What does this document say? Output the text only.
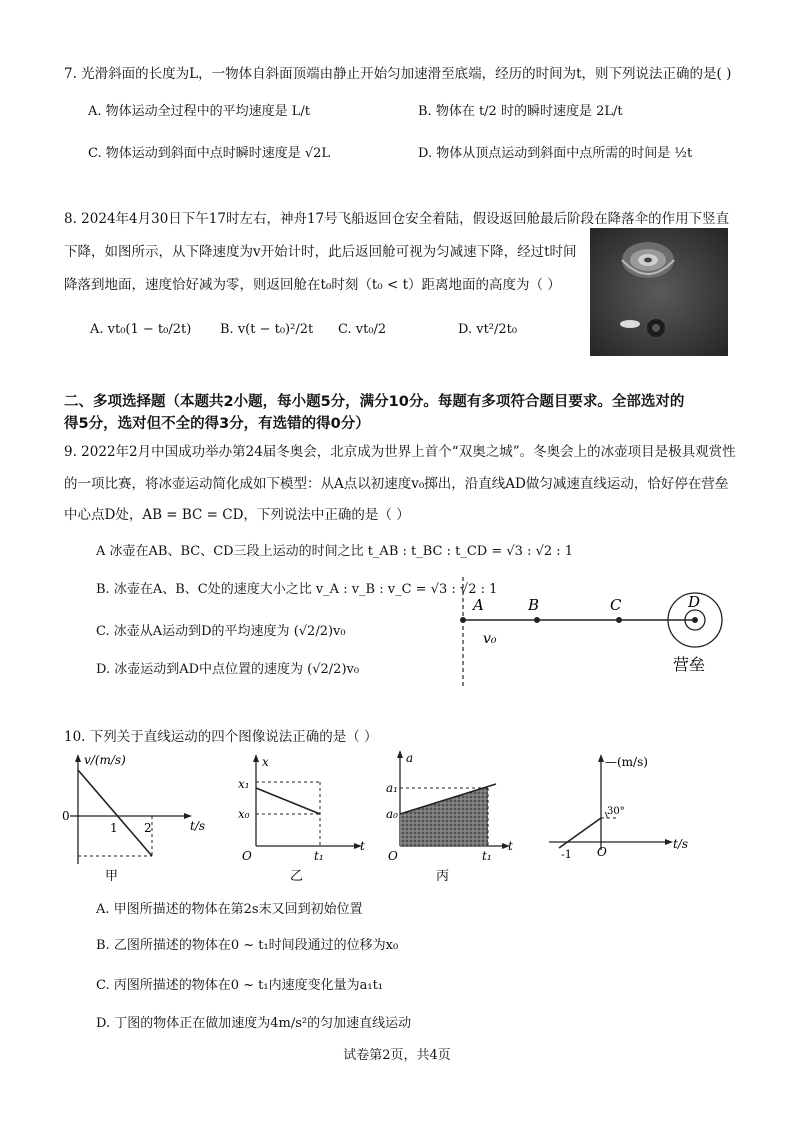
7. 光滑斜面的长度为L，一物体自斜面顶端由静止开始匀加速滑至底端，经历的时间为t，则下列说法正确的是( )
A. 物体运动全过程中的平均速度是 L/t	B. 物体在 t/2 时的瞬时速度是 2L/t
C. 物体运动到斜面中点时瞬时速度是 √2L	D. 物体从顶点运动到斜面中点所需的时间是 ½t
8. 2024年4月30日下午17时左右，神舟17号飞船返回仓安全着陆，假设返回舱最后阶段在降落伞的作用下竖直
下降，如图所示，从下降速度为v开始计时，此后返回舱可视为匀减速下降，经过t时间
降落到地面，速度恰好减为零，则返回舱在t₀时刻（t₀ < t）距离地面的高度为（ ）
A. vt₀(1 − t₀/2t) B. v(t − t₀)²/2t C. vt₀/2	D. vt²/2t₀
二、多项选择题（本题共2小题，每小题5分，满分10分。每题有多项符合题目要求。全部选对的
得5分，选对但不全的得3分，有选错的得0分）
9. 2022年2月中国成功举办第24届冬奥会，北京成为世界上首个“双奥之城”。冬奥会上的冰壶项目是极具观赏性
的一项比赛，将冰壶运动简化成如下模型：从A点以初速度v₀掷出，沿直线AD做匀减速直线运动，恰好停在营垒
中心点D处，AB = BC = CD，下列说法中正确的是（ ）
A 冰壶在AB、BC、CD三段上运动的时间之比 t_AB : t_BC : t_CD = √3 : √2 : 1
B. 冰壶在A、B、C处的速度大小之比 v_A : v_B : v_C = √3 : √2 : 1
C. 冰壶从A运动到D的平均速度为 (√2/2)v₀
D. 冰壶运动到AD中点位置的速度为 (√2/2)v₀
A	B	C	D
v₀
营垒
10. 下列关于直线运动的四个图像说法正确的是（ ）
v/(m/s)
t/s
0
1 2
甲
x
t
x₁
x₀
O	t₁
乙
a
t
a₁
a₀
O	t₁
丙
—(m/s)
t/s
30°
-1 O
A. 甲图所描述的物体在第2s末又回到初始位置
B. 乙图所描述的物体在0 ~ t₁时间段通过的位移为x₀
C. 丙图所描述的物体在0 ~ t₁内速度变化量为a₁t₁
D. 丁图的物体正在做加速度为4m/s²的匀加速直线运动
试卷第2页，共4页
